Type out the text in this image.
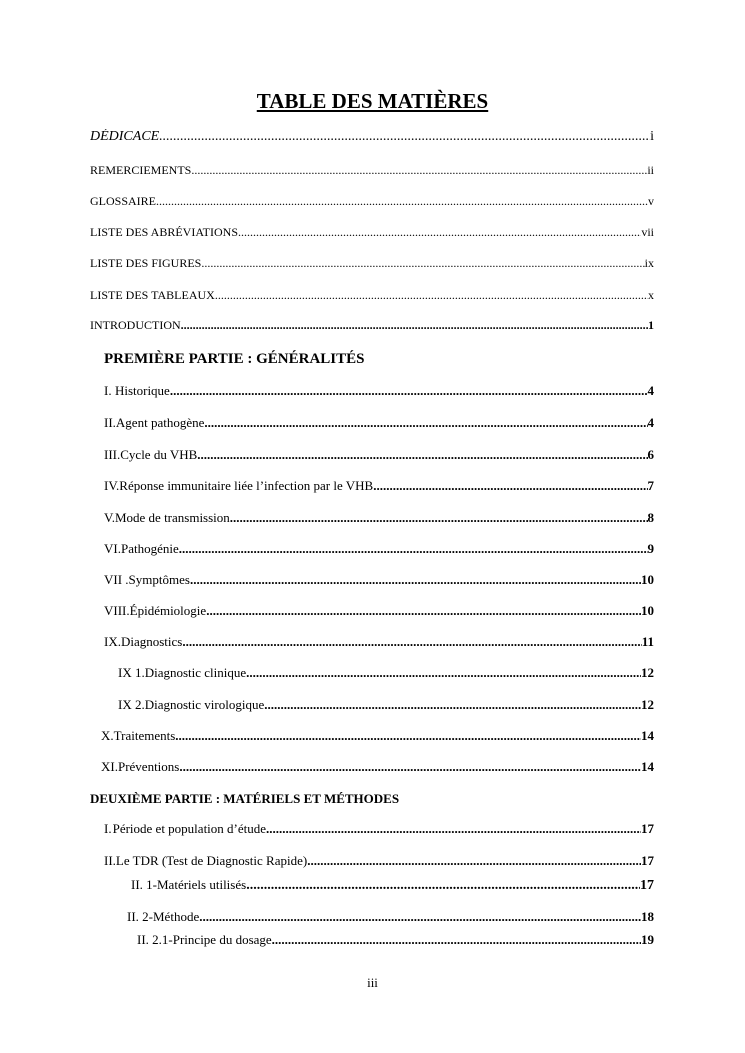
TABLE DES MATIÈRES
DÉDICACE .....	i
REMERCIEMENTS .....	ii
GLOSSAIRE .....	v
LISTE DES ABRÉVIATIONS .....	vii
LISTE DES FIGURES .....	ix
LISTE DES TABLEAUX .....	x
INTRODUCTION .....	1
PREMIÈRE PARTIE : GÉNÉRALITÉS
I. Historique .....	4
II. Agent pathogène .....	4
III. Cycle du VHB .....	6
IV. Réponse immunitaire liée l’infection par le VHB .....	7
V. Mode de transmission .....	8
VI. Pathogénie .....	9
VII . Symptômes .....	10
VIII. Épidémiologie .....	10
IX. Diagnostics .....	11
IX 1. Diagnostic clinique .....	12
IX 2. Diagnostic virologique .....	12
X. Traitements .....	14
XI. Préventions .....	14
DEUXIÈME PARTIE : MATÉRIELS ET MÉTHODES
I. Période et population d’étude .....	17
II. Le TDR (Test de Diagnostic Rapide) .....	17
II. 1- Matériels utilisés .....	17
II. 2- Méthode .....	18
II. 2.1- Principe du dosage .....	19
iii
